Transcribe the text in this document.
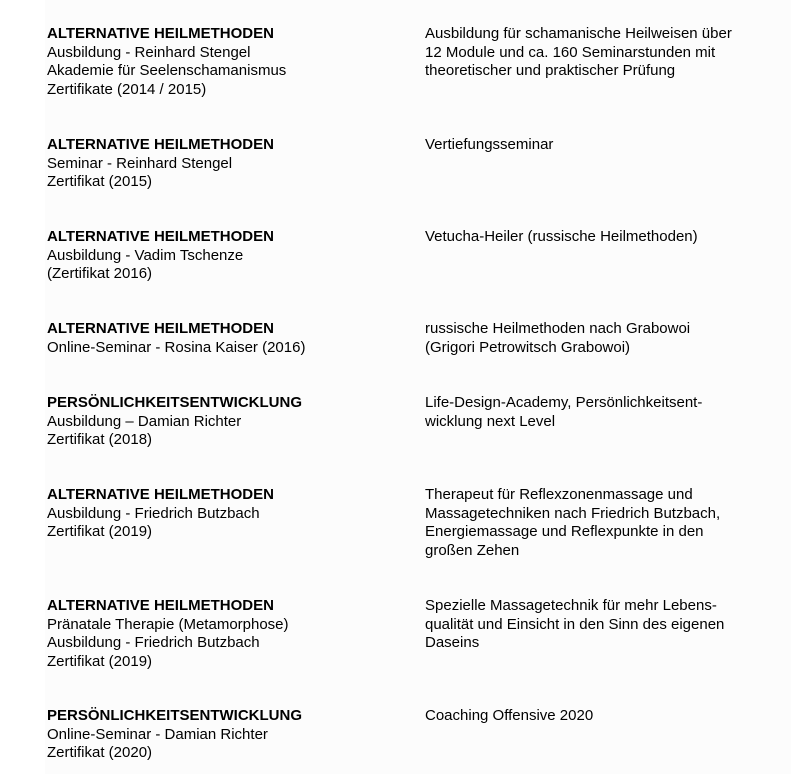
ALTERNATIVE HEILMETHODEN
Ausbildung - Reinhard Stengel
Akademie für Seelenschamanismus
Zertifikate (2014 / 2015)
Ausbildung für schamanische Heilweisen über
12 Module und ca. 160 Seminarstunden mit
theoretischer und praktischer Prüfung
ALTERNATIVE HEILMETHODEN
Seminar - Reinhard Stengel
Zertifikat (2015)
Vertiefungsseminar
ALTERNATIVE HEILMETHODEN
Ausbildung - Vadim Tschenze
(Zertifikat 2016)
Vetucha-Heiler (russische Heilmethoden)
ALTERNATIVE HEILMETHODEN
Online-Seminar - Rosina Kaiser (2016)
russische Heilmethoden nach Grabowoi
(Grigori Petrowitsch Grabowoi)
PERSÖNLICHKEITSENTWICKLUNG
Ausbildung – Damian Richter
Zertifikat (2018)
Life-Design-Academy, Persönlichkeitsent-
wicklung next Level
ALTERNATIVE HEILMETHODEN
Ausbildung - Friedrich Butzbach
Zertifikat (2019)
Therapeut für Reflexzonenmassage und
Massagetechniken nach Friedrich Butzbach,
Energiemassage und Reflexpunkte in den
großen Zehen
ALTERNATIVE HEILMETHODEN
Pränatale Therapie (Metamorphose)
Ausbildung - Friedrich Butzbach
Zertifikat (2019)
Spezielle Massagetechnik für mehr Lebens-
qualität und Einsicht in den Sinn des eigenen
Daseins
PERSÖNLICHKEITSENTWICKLUNG
Online-Seminar - Damian Richter
Zertifikat (2020)
Coaching Offensive 2020
